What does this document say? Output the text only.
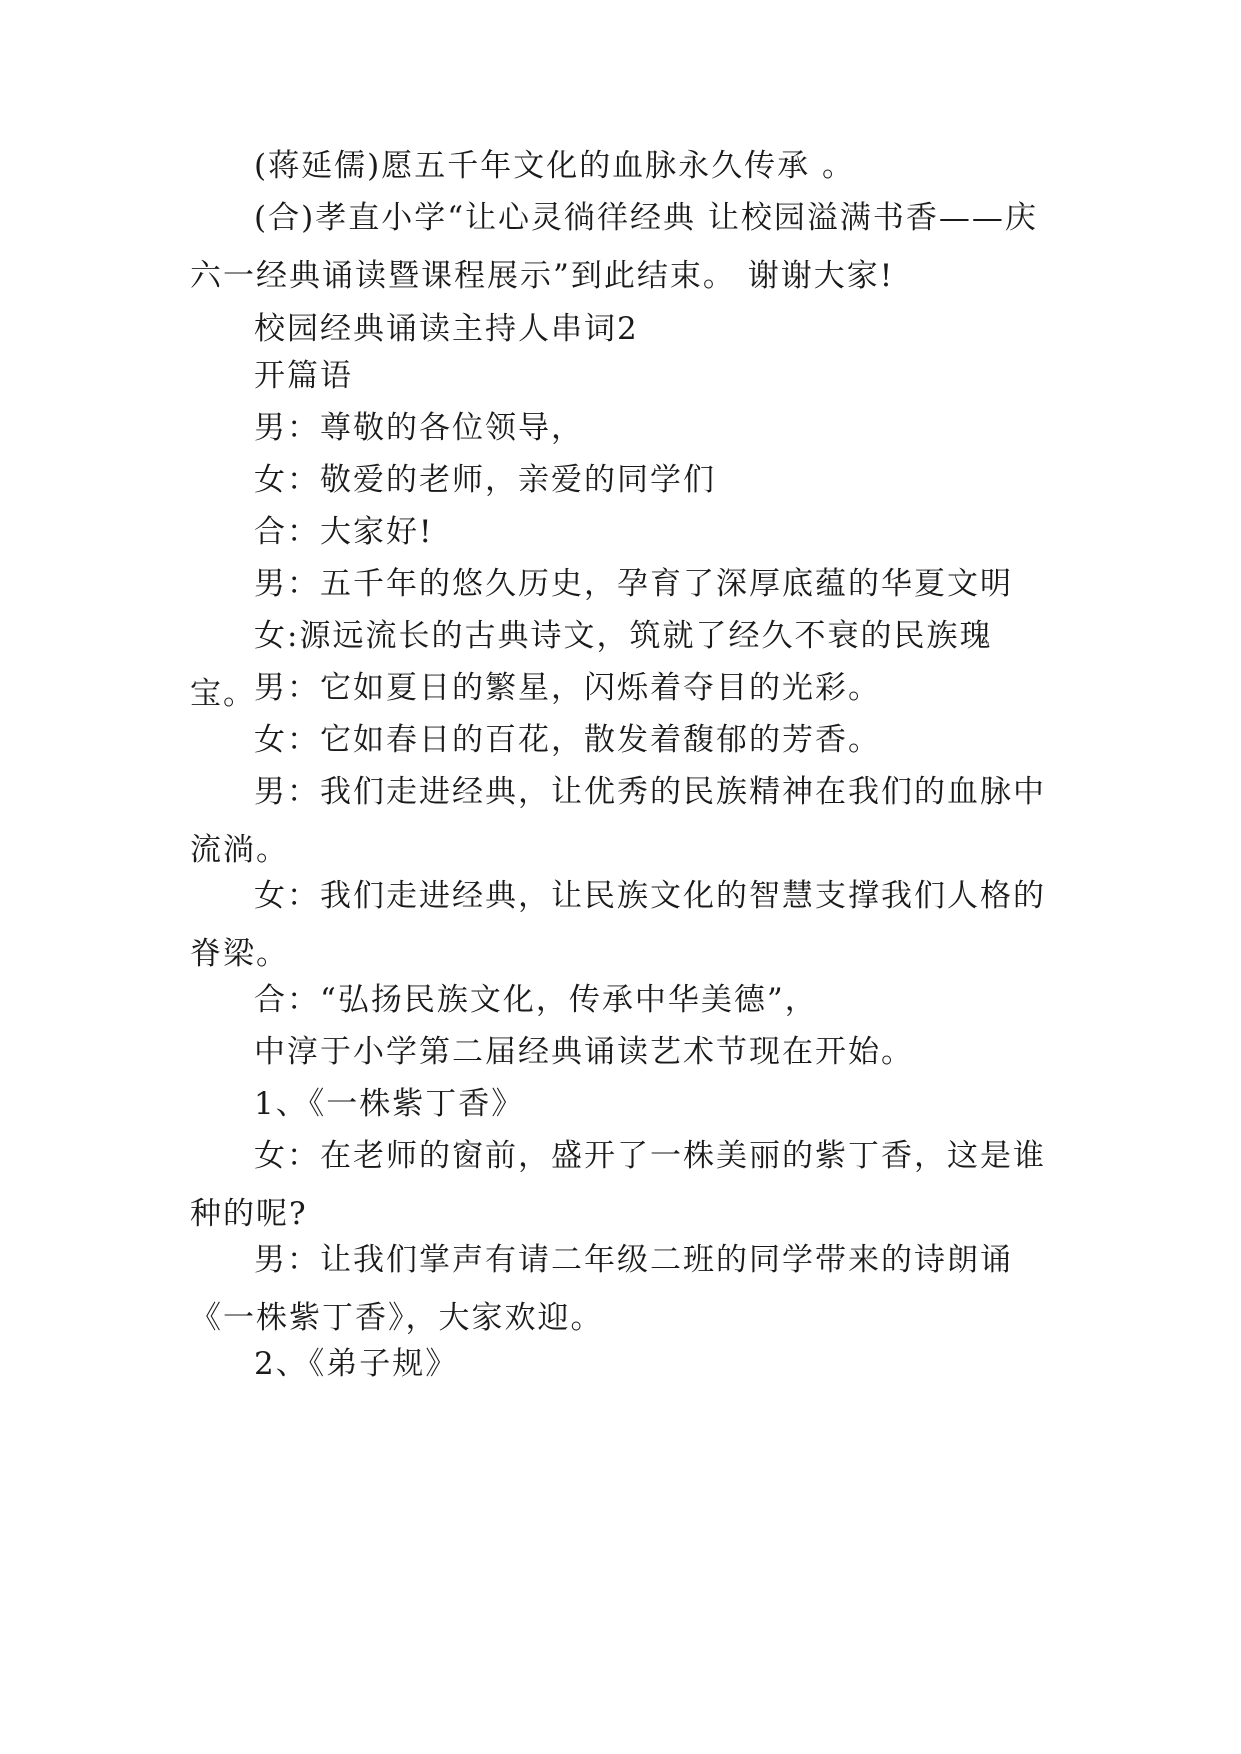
(蒋延儒)愿五千年文化的血脉永久传承 。

(合)孝直小学“让心灵徜徉经典 让校园溢满书香——庆六一经典诵读暨课程展示”到此结束。 谢谢大家!

校园经典诵读主持人串词2

开篇语

男：尊敬的各位领导，

女：敬爱的老师，亲爱的同学们

合：大家好!

男：五千年的悠久历史，孕育了深厚底蕴的华夏文明

女:源远流长的古典诗文，筑就了经久不衰的民族瑰宝。

男：它如夏日的繁星，闪烁着夺目的光彩。

女：它如春日的百花，散发着馥郁的芳香。

男：我们走进经典，让优秀的民族精神在我们的血脉中流淌。

女：我们走进经典，让民族文化的智慧支撑我们人格的脊梁。

合：“弘扬民族文化，传承中华美德”，

中淳于小学第二届经典诵读艺术节现在开始。

1、《一株紫丁香》

女：在老师的窗前，盛开了一株美丽的紫丁香，这是谁种的呢?

男：让我们掌声有请二年级二班的同学带来的诗朗诵《一株紫丁香》，大家欢迎。

2、《弟子规》
